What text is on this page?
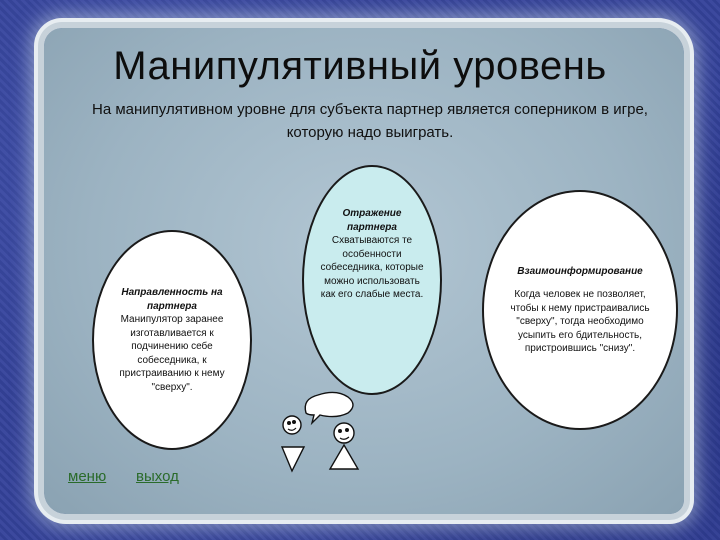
Манипулятивный уровень
На манипулятивном уровне для субъекта партнер является соперником в игре, которую надо выиграть.
Направленность на партнера
Манипулятор заранее изготавливается к подчинению себе собеседника, к пристраиванию к нему "сверху".
Отражение партнера
Схватываются те особенности собеседника, которые можно использовать как его слабые места.
Взаимоинформирование
Когда человек не позволяет, чтобы к нему пристраивались "сверху", тогда необходимо усыпить его бдительность, пристроившись "снизу".
меню выход
